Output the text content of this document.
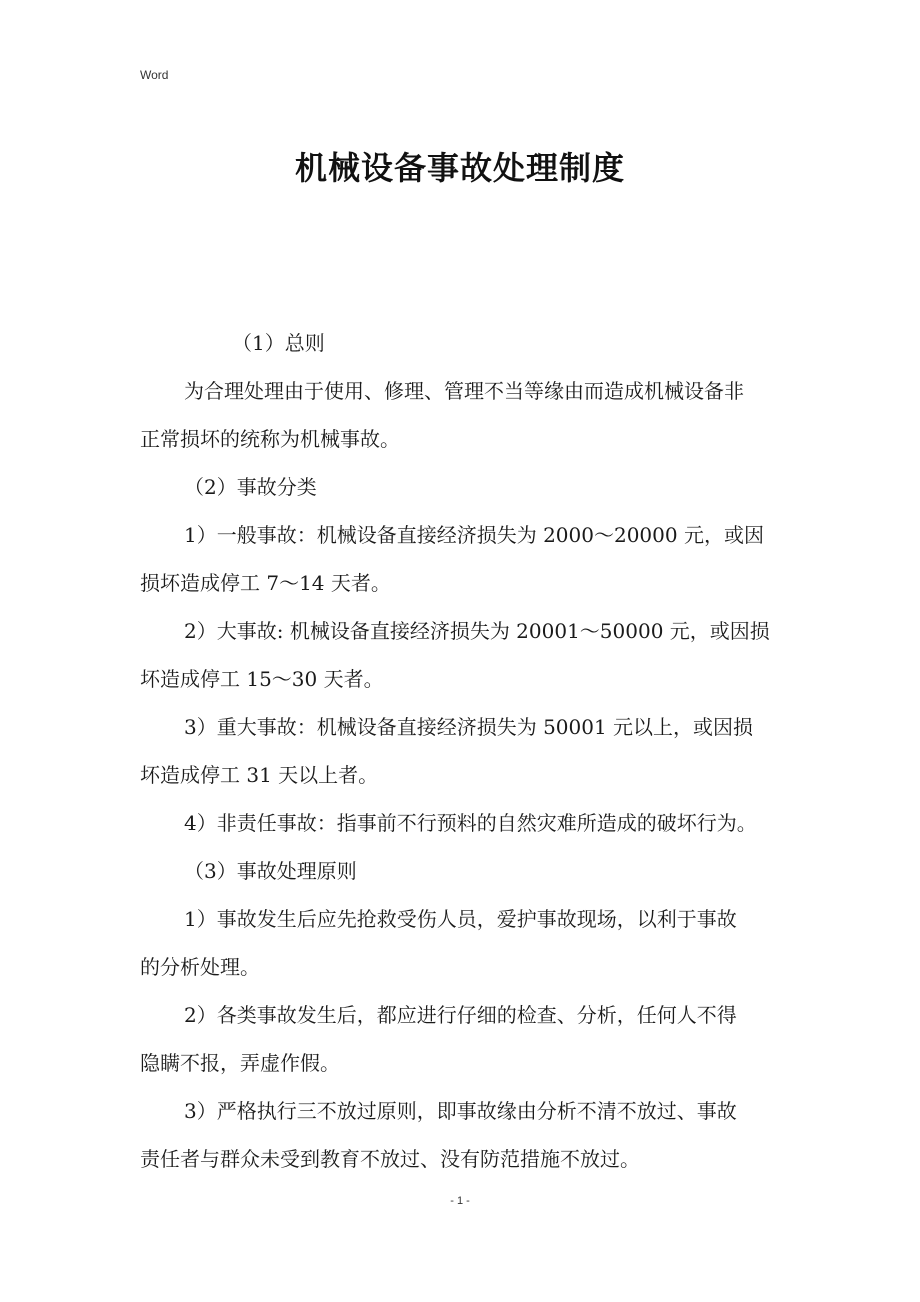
Word
机械设备事故处理制度
（1）总则
为合理处理由于使用、修理、管理不当等缘由而造成机械设备非
正常损坏的统称为机械事故。
（2）事故分类
1）一般事故：机械设备直接经济损失为 2000～20000 元，或因
损坏造成停工 7～14 天者。
2）大事故: 机械设备直接经济损失为 20001～50000 元，或因损
坏造成停工 15～30 天者。
3）重大事故：机械设备直接经济损失为 50001 元以上，或因损
坏造成停工 31 天以上者。
4）非责任事故：指事前不行预料的自然灾难所造成的破坏行为。
（3）事故处理原则
1）事故发生后应先抢救受伤人员，爱护事故现场，以利于事故
的分析处理。
2）各类事故发生后，都应进行仔细的检查、分析，任何人不得
隐瞒不报，弄虚作假。
3）严格执行三不放过原则，即事故缘由分析不清不放过、事故
责任者与群众未受到教育不放过、没有防范措施不放过。
- 1 -
